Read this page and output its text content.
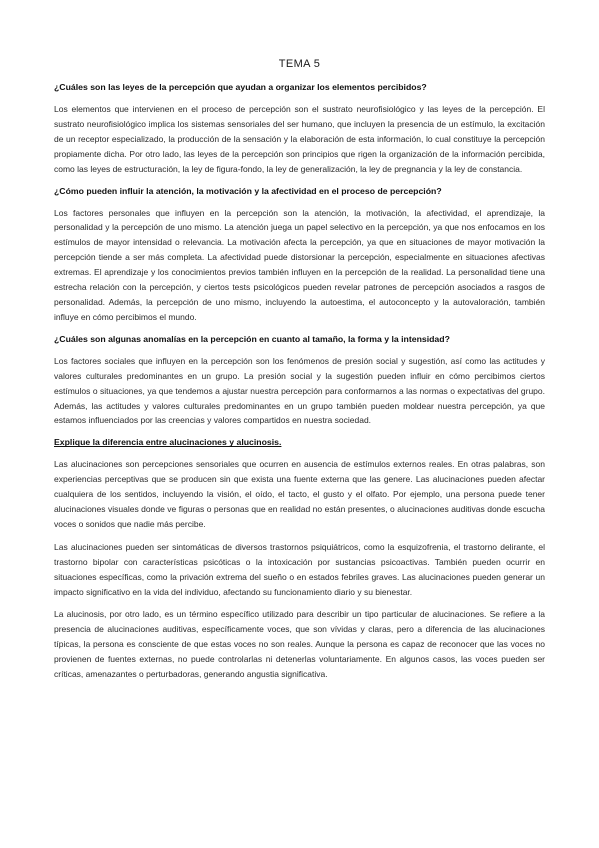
TEMA 5
¿Cuáles son las leyes de la percepción que ayudan a organizar los elementos percibidos?
Los elementos que intervienen en el proceso de percepción son el sustrato neurofisiológico y las leyes de la percepción. El sustrato neurofisiológico implica los sistemas sensoriales del ser humano, que incluyen la presencia de un estímulo, la excitación de un receptor especializado, la producción de la sensación y la elaboración de esta información, lo cual constituye la percepción propiamente dicha. Por otro lado, las leyes de la percepción son principios que rigen la organización de la información percibida, como las leyes de estructuración, la ley de figura-fondo, la ley de generalización, la ley de pregnancia y la ley de constancia.
¿Cómo pueden influir la atención, la motivación y la afectividad en el proceso de percepción?
Los factores personales que influyen en la percepción son la atención, la motivación, la afectividad, el aprendizaje, la personalidad y la percepción de uno mismo. La atención juega un papel selectivo en la percepción, ya que nos enfocamos en los estímulos de mayor intensidad o relevancia. La motivación afecta la percepción, ya que en situaciones de mayor motivación la percepción tiende a ser más completa. La afectividad puede distorsionar la percepción, especialmente en situaciones afectivas extremas. El aprendizaje y los conocimientos previos también influyen en la percepción de la realidad. La personalidad tiene una estrecha relación con la percepción, y ciertos tests psicológicos pueden revelar patrones de percepción asociados a rasgos de personalidad. Además, la percepción de uno mismo, incluyendo la autoestima, el autoconcepto y la autovaloración, también influye en cómo percibimos el mundo.
¿Cuáles son algunas anomalías en la percepción en cuanto al tamaño, la forma y la intensidad?
Los factores sociales que influyen en la percepción son los fenómenos de presión social y sugestión, así como las actitudes y valores culturales predominantes en un grupo. La presión social y la sugestión pueden influir en cómo percibimos ciertos estímulos o situaciones, ya que tendemos a ajustar nuestra percepción para conformarnos a las normas o expectativas del grupo. Además, las actitudes y valores culturales predominantes en un grupo también pueden moldear nuestra percepción, ya que estamos influenciados por las creencias y valores compartidos en nuestra sociedad.
Explique la diferencia entre alucinaciones y alucinosis.
Las alucinaciones son percepciones sensoriales que ocurren en ausencia de estímulos externos reales. En otras palabras, son experiencias perceptivas que se producen sin que exista una fuente externa que las genere. Las alucinaciones pueden afectar cualquiera de los sentidos, incluyendo la visión, el oído, el tacto, el gusto y el olfato. Por ejemplo, una persona puede tener alucinaciones visuales donde ve figuras o personas que en realidad no están presentes, o alucinaciones auditivas donde escucha voces o sonidos que nadie más percibe.
Las alucinaciones pueden ser sintomáticas de diversos trastornos psiquiátricos, como la esquizofrenia, el trastorno delirante, el trastorno bipolar con características psicóticas o la intoxicación por sustancias psicoactivas. También pueden ocurrir en situaciones específicas, como la privación extrema del sueño o en estados febriles graves. Las alucinaciones pueden generar un impacto significativo en la vida del individuo, afectando su funcionamiento diario y su bienestar.
La alucinosis, por otro lado, es un término específico utilizado para describir un tipo particular de alucinaciones. Se refiere a la presencia de alucinaciones auditivas, específicamente voces, que son vívidas y claras, pero a diferencia de las alucinaciones típicas, la persona es consciente de que estas voces no son reales. Aunque la persona es capaz de reconocer que las voces no provienen de fuentes externas, no puede controlarlas ni detenerlas voluntariamente. En algunos casos, las voces pueden ser críticas, amenazantes o perturbadoras, generando angustia significativa.
